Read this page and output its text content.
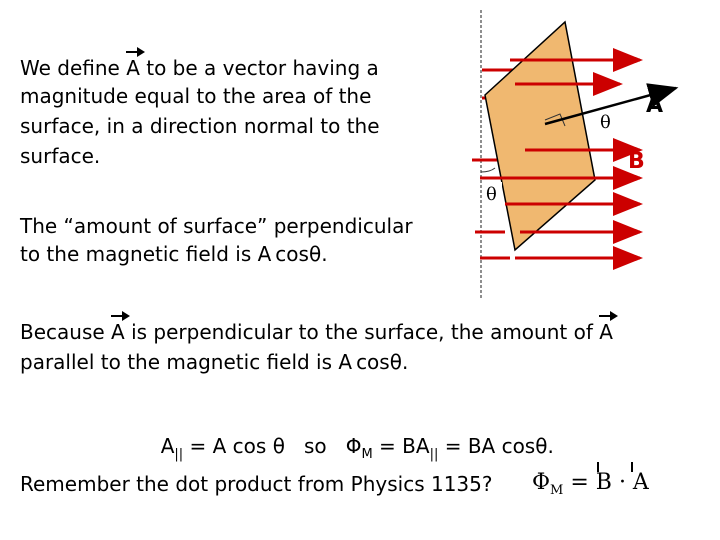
We define A to be a vector having a
magnitude equal to the area of the
surface, in a direction normal to the
surface.
The “amount of surface” perpendicular
to the magnetic field is A cosθ.
Because A is perpendicular to the surface, the amount of A
parallel to the magnetic field is A cosθ.

$A_{||} = A$ cos θ   so   $\Phi_M = BA_{||}$ = BA cosθ.

Remember the dot product from Physics 1135? $\Phi_M = B \cdot A$
A
θ
B
θ
